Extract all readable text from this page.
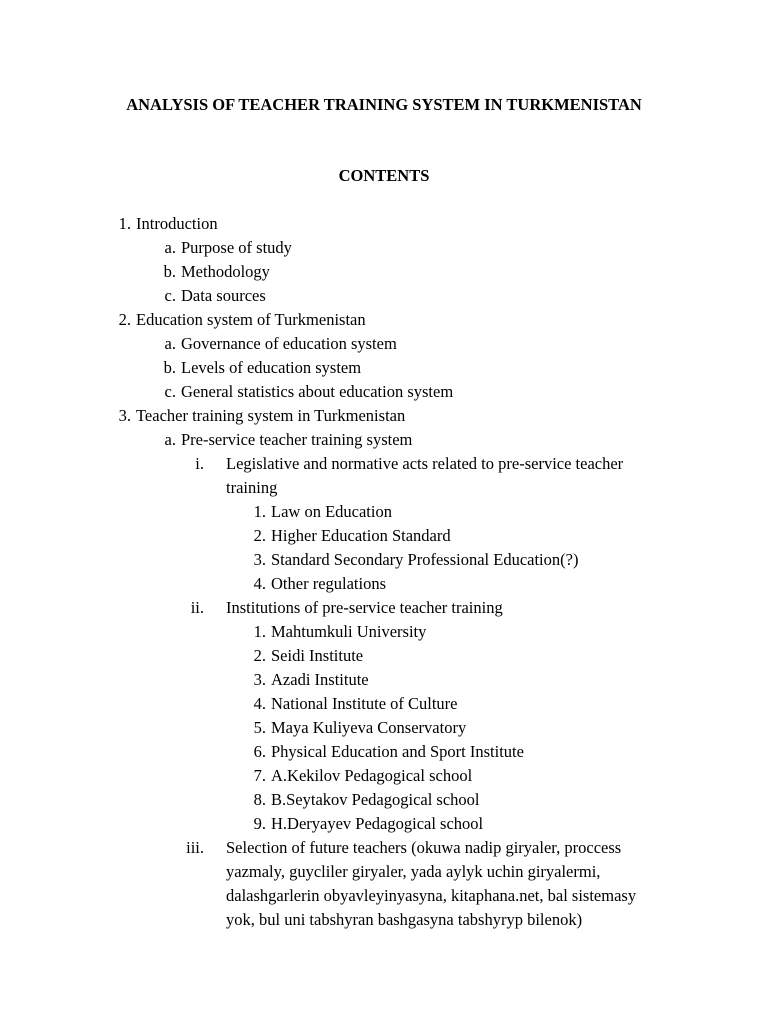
ANALYSIS OF TEACHER TRAINING SYSTEM IN TURKMENISTAN
CONTENTS
1. Introduction
a. Purpose of study
b. Methodology
c. Data sources
2. Education system of Turkmenistan
a. Governance of education system
b. Levels of education system
c. General statistics about education system
3. Teacher training system in Turkmenistan
a. Pre-service teacher training system
i. Legislative and normative acts related to pre-service teacher training
1. Law on Education
2. Higher Education Standard
3. Standard Secondary Professional Education(?)
4. Other regulations
ii. Institutions of pre-service teacher training
1. Mahtumkuli University
2. Seidi Institute
3. Azadi Institute
4. National Institute of Culture
5. Maya Kuliyeva Conservatory
6. Physical Education and Sport Institute
7. A.Kekilov Pedagogical school
8. B.Seytakov Pedagogical school
9. H.Deryayev Pedagogical school
iii. Selection of future teachers (okuwa nadip giryaler, proccess yazmaly, guycliler giryaler, yada aylyk uchin giryalermi, dalashgarlerin obyavleyinyasyna, kitaphana.net, bal sistemasy yok, bul uni tabshyran bashgasyna tabshyryp bilenok)
